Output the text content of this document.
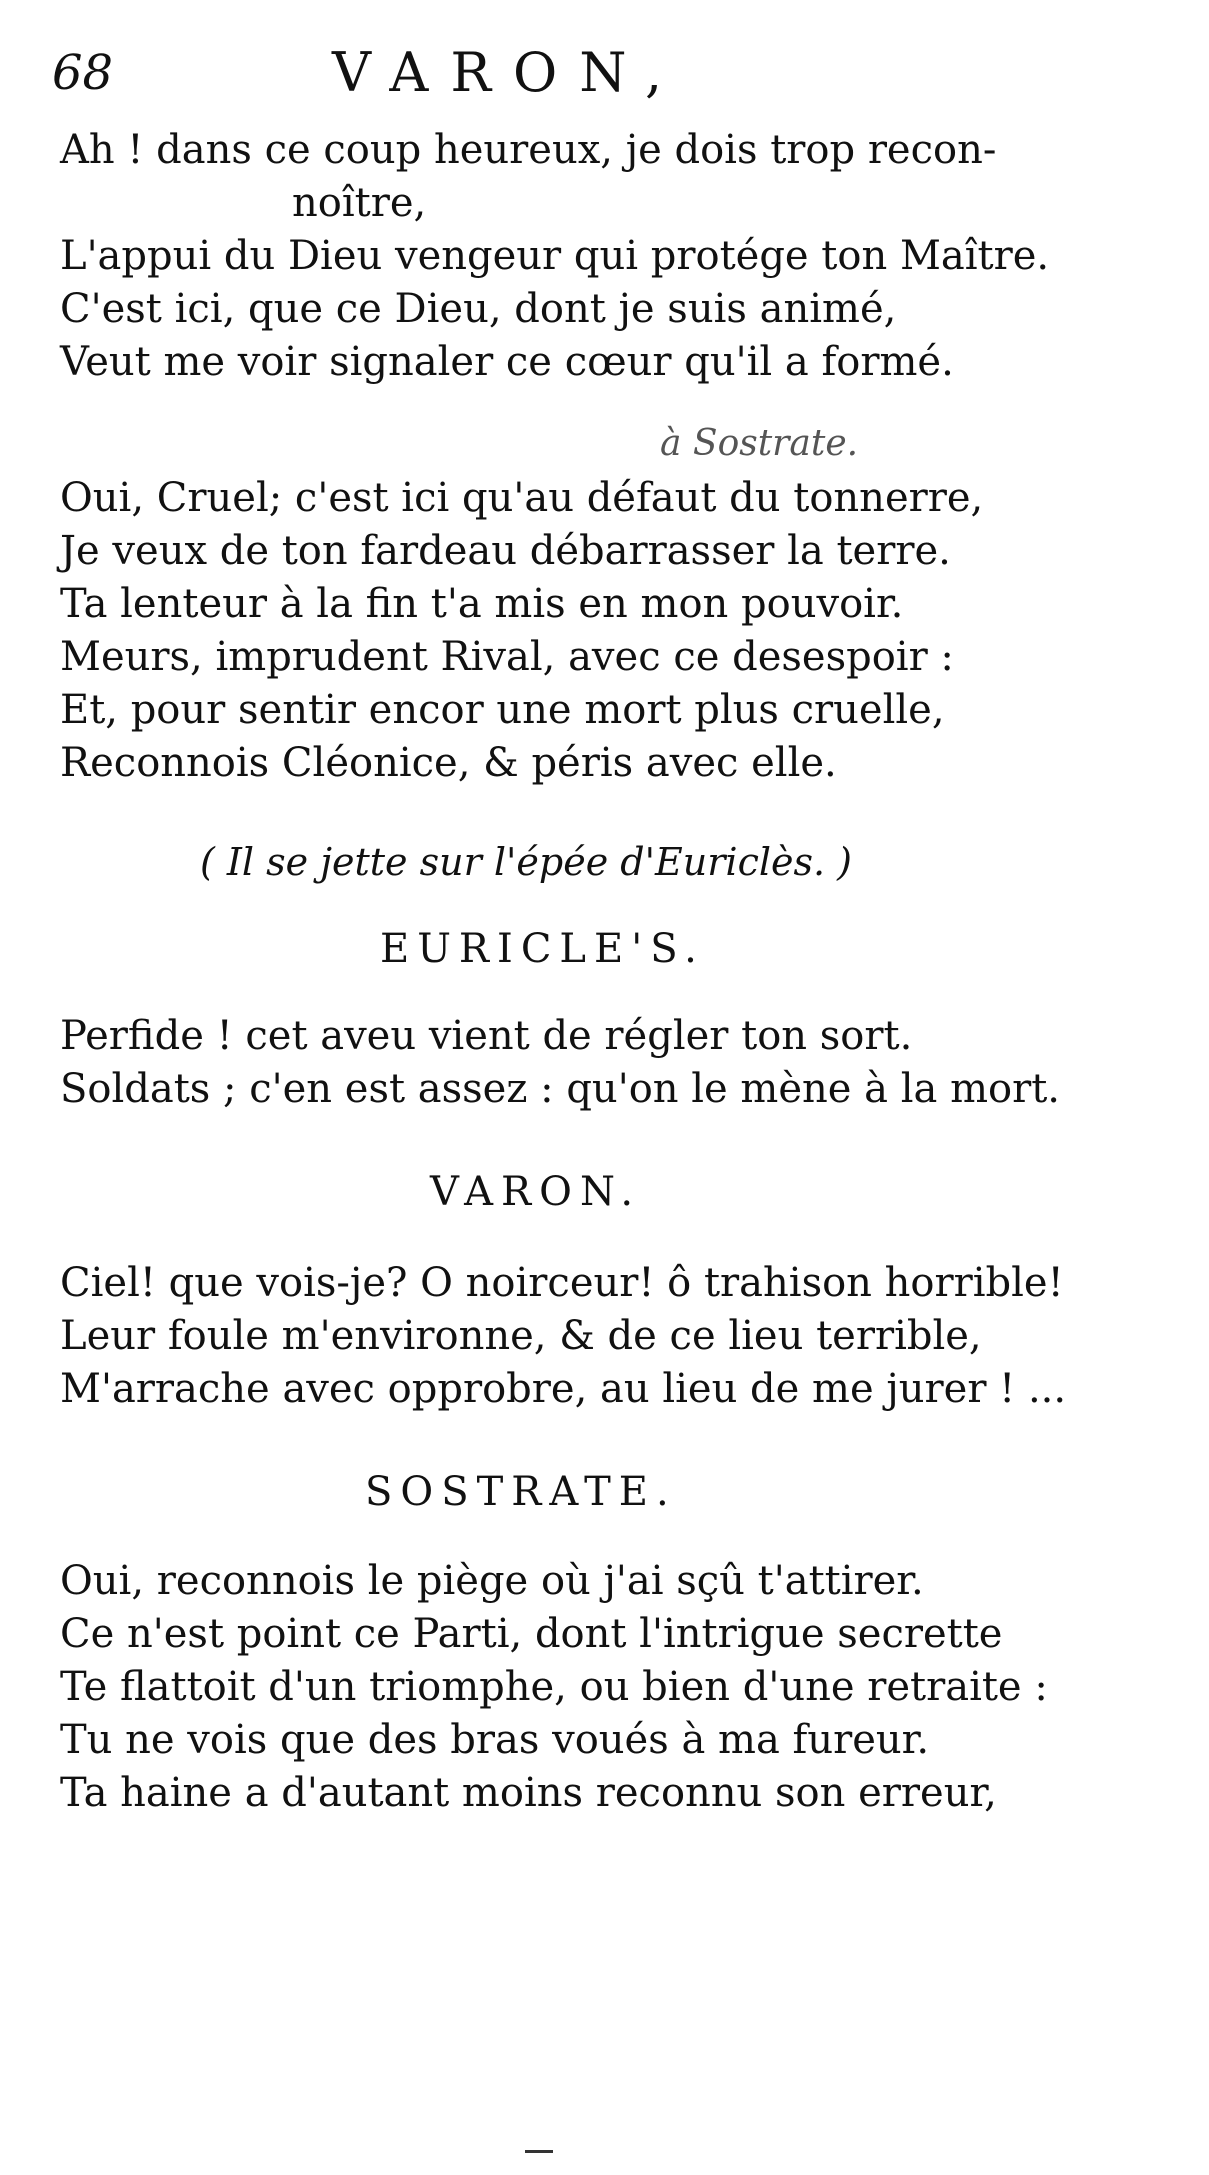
68	VARON,
Ah ! dans ce coup heureux, je dois trop recon-
noître,
L'appui du Dieu vengeur qui protége ton Maître.
C'est ici, que ce Dieu, dont je suis animé,
Veut me voir signaler ce cœur qu'il a formé.
à Sostrate.
Oui, Cruel; c'est ici qu'au défaut du tonnerre,
Je veux de ton fardeau débarrasser la terre.
Ta lenteur à la fin t'a mis en mon pouvoir.
Meurs, imprudent Rival, avec ce desespoir :
Et, pour sentir encor une mort plus cruelle,
Reconnois Cléonice, & péris avec elle.
( Il se jette sur l'épée d'Euriclès. )
EURICLE'S.
Perfide ! cet aveu vient de régler ton sort.
Soldats ; c'en est assez : qu'on le mène à la mort.
VARON.
Ciel! que vois-je? O noirceur! ô trahison horrible!
Leur foule m'environne, & de ce lieu terrible,
M'arrache avec opprobre, au lieu de me jurer ! ...
SOSTRATE.
Oui, reconnois le piège où j'ai sçû t'attirer.
Ce n'est point ce Parti, dont l'intrigue secrette
Te flattoit d'un triomphe, ou bien d'une retraite :
Tu ne vois que des bras voués à ma fureur.
Ta haine a d'autant moins reconnu son erreur,
